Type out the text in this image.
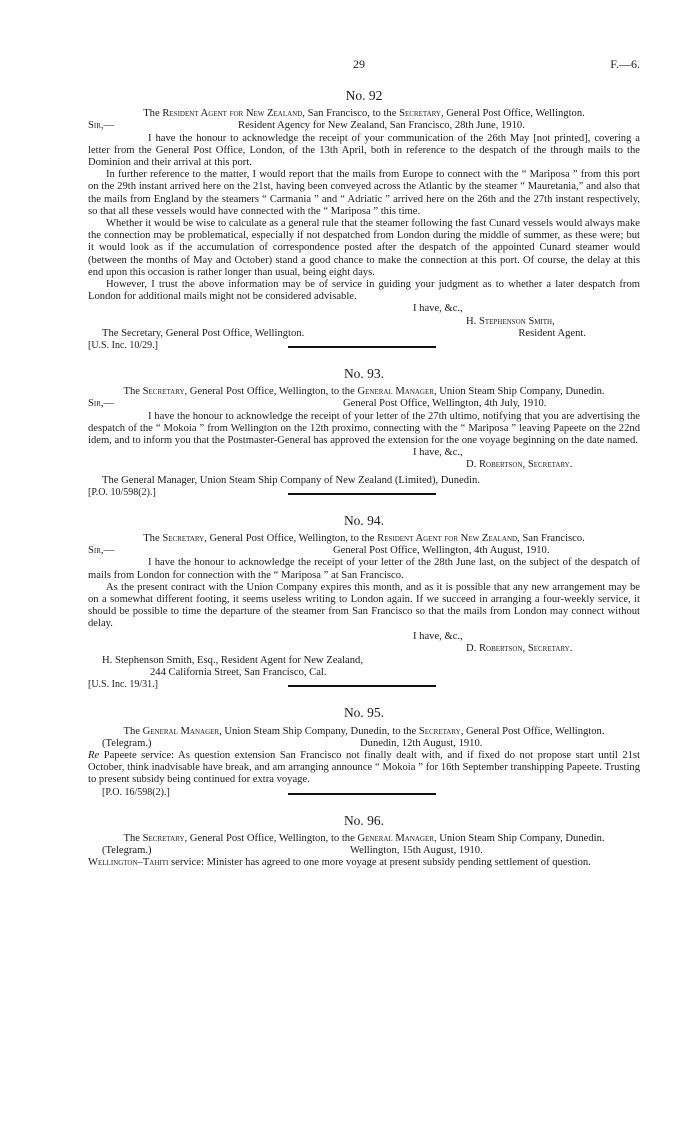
29	F.—6.
No. 92

The Resident Agent for New Zealand, San Francisco, to the Secretary, General Post Office, Wellington.

Sir,—	Resident Agency for New Zealand, San Francisco, 28th June, 1910.

I have the honour to acknowledge the receipt of your communication of the 26th May [not printed], covering a letter from the General Post Office, London, of the 13th April, both in reference to the despatch of the through mails to the Dominion and their arrival at this port.

In further reference to the matter, I would report that the mails from Europe to connect with the “ Mariposa ” from this port on the 29th instant arrived here on the 21st, having been conveyed across the Atlantic by the steamer “ Mauretania,” and also that the mails from England by the steamers “ Carmania ” and “ Adriatic ” arrived here on the 26th and the 27th instant respectively, so that all these vessels would have connected with the “ Mariposa ” this time.

Whether it would be wise to calculate as a general rule that the steamer following the fast Cunard vessels would always make the connection may be problematical, especially if not despatched from London during the middle of summer, as these were; but it would look as if the accumulation of correspondence posted after the despatch of the appointed Cunard steamer would (between the months of May and October) stand a good chance to make the connection at this port. Of course, the delay at this end upon this occasion is rather longer than usual, being eight days.

However, I trust the above information may be of service in guiding your judgment as to whether a later despatch from London for additional mails might not be considered advisable.

I have, &c.,

H. Stephenson Smith,

The Secretary, General Post Office, Wellington.	Resident Agent.
[U.S. Inc. 10/29.]
No. 93.

The Secretary, General Post Office, Wellington, to the General Manager, Union Steam Ship Company, Dunedin.

Sir,—	General Post Office, Wellington, 4th July, 1910.

I have the honour to acknowledge the receipt of your letter of the 27th ultimo, notifying that you are advertising the despatch of the “ Mokoia ” from Wellington on the 12th proximo, connecting with the “ Mariposa ” leaving Papeete on the 22nd idem, and to inform you that the Postmaster-General has approved the extension for the one voyage beginning on the date named.

I have, &c.,

D. Robertson, Secretary.

The General Manager, Union Steam Ship Company of New Zealand (Limited), Dunedin.

[P.O. 10/598(2).]
No. 94.

The Secretary, General Post Office, Wellington, to the Resident Agent for New Zealand, San Francisco.

Sir,—	General Post Office, Wellington, 4th August, 1910.

I have the honour to acknowledge the receipt of your letter of the 28th June last, on the subject of the despatch of mails from London for connection with the “ Mariposa ” at San Francisco.

As the present contract with the Union Company expires this month, and as it is possible that any new arrangement may be on a somewhat different footing, it seems useless writing to London again. If we succeed in arranging a four-weekly service, it should be possible to time the departure of the steamer from San Francisco so that the mails from London may connect without delay.

I have, &c.,

D. Robertson, Secretary.

H. Stephenson Smith, Esq., Resident Agent for New Zealand,

244 California Street, San Francisco, Cal.

[U.S. Inc. 19/31.]
No. 95.

The General Manager, Union Steam Ship Company, Dunedin, to the Secretary, General Post Office, Wellington.

(Telegram.)	Dunedin, 12th August, 1910.

Re Papeete service: As question extension San Francisco not finally dealt with, and if fixed do not propose start until 21st October, think inadvisable have break, and am arranging announce “ Mokoia ” for 16th September transhipping Papeete. Trusting to present subsidy being continued for extra voyage.

[P.O. 16/598(2).]
No. 96.

The Secretary, General Post Office, Wellington, to the General Manager, Union Steam Ship Company, Dunedin.

(Telegram.)	Wellington, 15th August, 1910.

Wellington–Tahiti service: Minister has agreed to one more voyage at present subsidy pending settlement of question.
